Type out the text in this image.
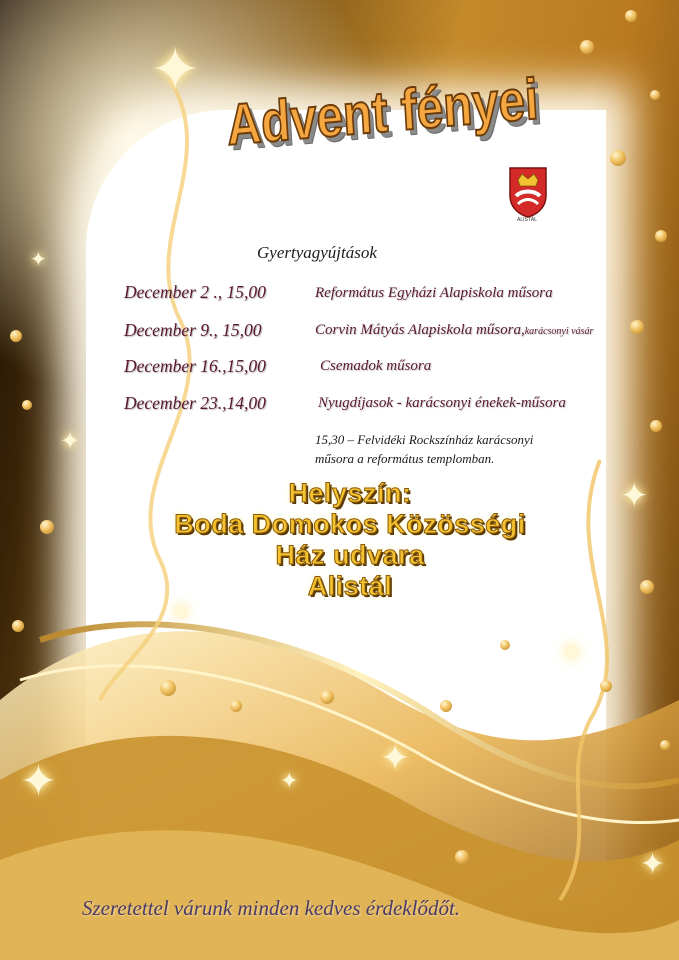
✦
✦	✦
✦
✦
✦
✦
✦
✦
✦
Advent fényei
ALISTÁL
Gyertyagyújtások
December 2 ., 15,00	Református Egyházi Alapiskola műsora
December 9., 15,00	Corvin Mátyás Alapiskola műsora,karácsonyi vásár
December 16.,15,00	Csemadok műsora
December 23.,14,00	Nyugdíjasok - karácsonyi énekek-műsora
15,30 – Felvidéki Rockszínház karácsonyi
műsora a református templomban.
Helyszín:
Boda Domokos Közösségi
Ház udvara
Alistál
Szeretettel várunk minden kedves érdeklődőt.
